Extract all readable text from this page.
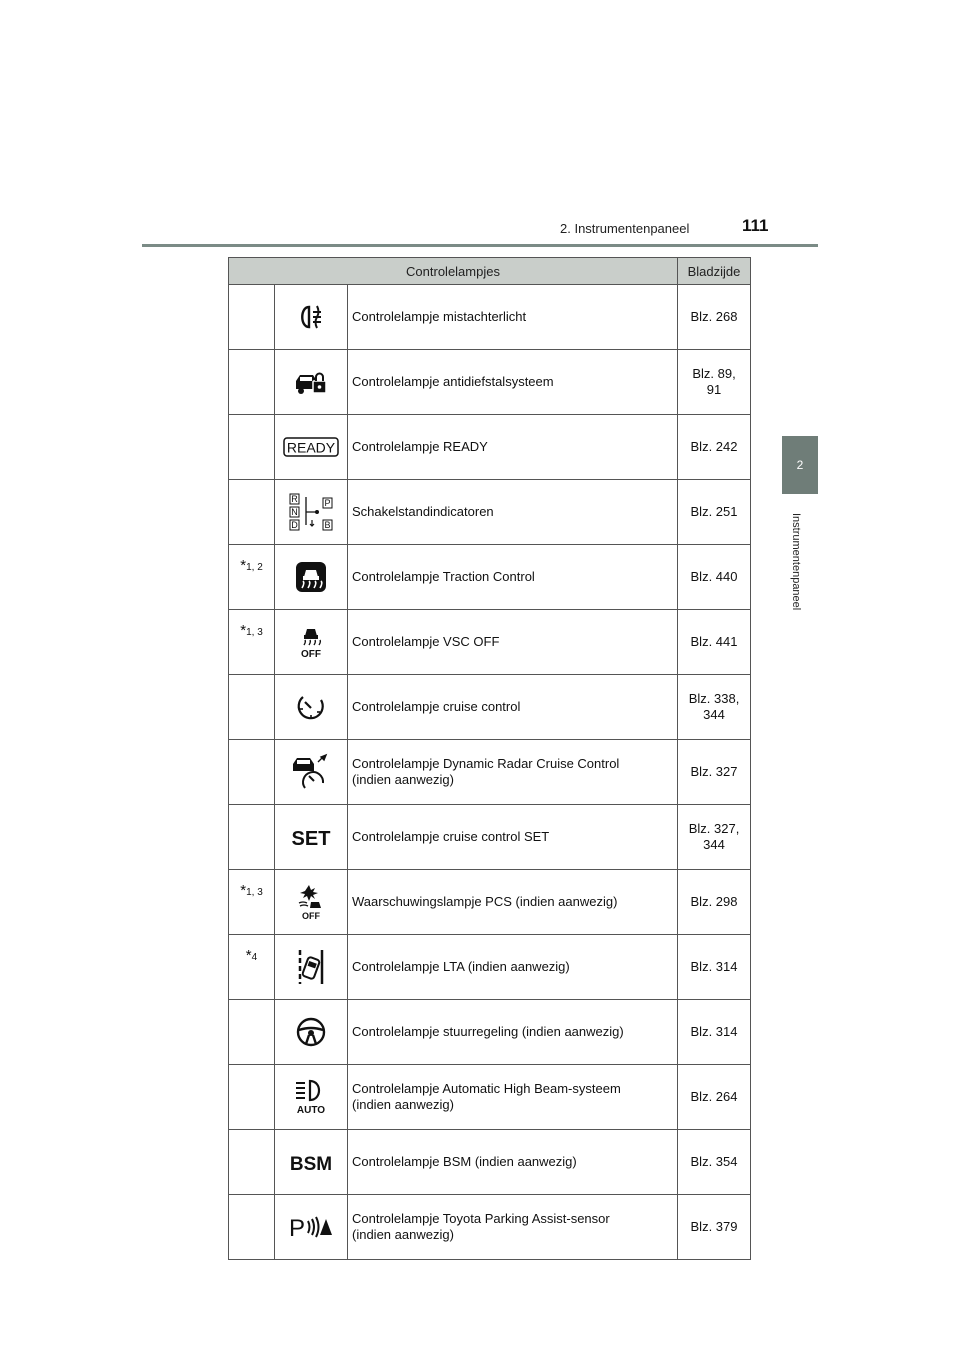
2. Instrumentenpaneel	111
2
Instrumentenpaneel
Controlelampjes			Bladzijde

Controlelampje mistachterlicht	Blz. 268

Controlelampje antidiefstalsysteem	Blz. 89,
91

READY	Controlelampje READY	Blz. 242

R
N
D
P
B	Schakelstandindicatoren	Blz. 251

*1, 2		Controlelampje Traction Control	Blz. 440

*1, 3	OFF	Controlelampje VSC OFF	Blz. 441

Controlelampje cruise control	Blz. 338,
344

Controlelampje Dynamic Radar Cruise Control
(indien aanwezig)	Blz. 327

SET	Controlelampje cruise control SET	Blz. 327,
344

*1, 3	OFF	Waarschuwingslampje PCS (indien aanwezig)	Blz. 298

*4		Controlelampje LTA (indien aanwezig)	Blz. 314

Controlelampje stuurregeling (indien aanwezig)	Blz. 314

AUTO	Controlelampje Automatic High Beam-systeem
(indien aanwezig)	Blz. 264

BSM	Controlelampje BSM (indien aanwezig)	Blz. 354

P	Controlelampje Toyota Parking Assist-sensor
(indien aanwezig)	Blz. 379
